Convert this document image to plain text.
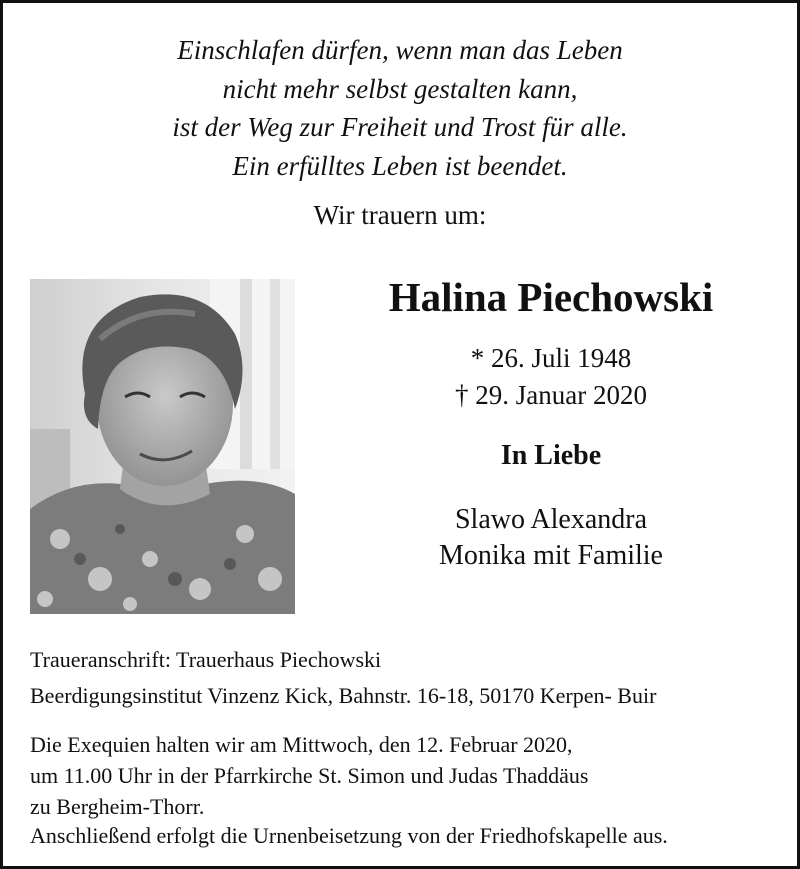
Einschlafen dürfen, wenn man das Leben
nicht mehr selbst gestalten kann,
ist der Weg zur Freiheit und Trost für alle.
Ein erfülltes Leben ist beendet.
Wir trauern um:
Halina Piechowski
* 26. Juli 1948
† 29. Januar 2020
In Liebe
Slawo Alexandra
Monika mit Familie
Traueranschrift: Trauerhaus Piechowski
Beerdigungsinstitut Vinzenz Kick, Bahnstr. 16-18, 50170 Kerpen- Buir
Die Exequien halten wir am Mittwoch, den 12. Februar 2020,
um 11.00 Uhr in der Pfarrkirche St. Simon und Judas Thaddäus
zu Bergheim-Thorr.
Anschließend erfolgt die Urnenbeisetzung von der Friedhofskapelle aus.
